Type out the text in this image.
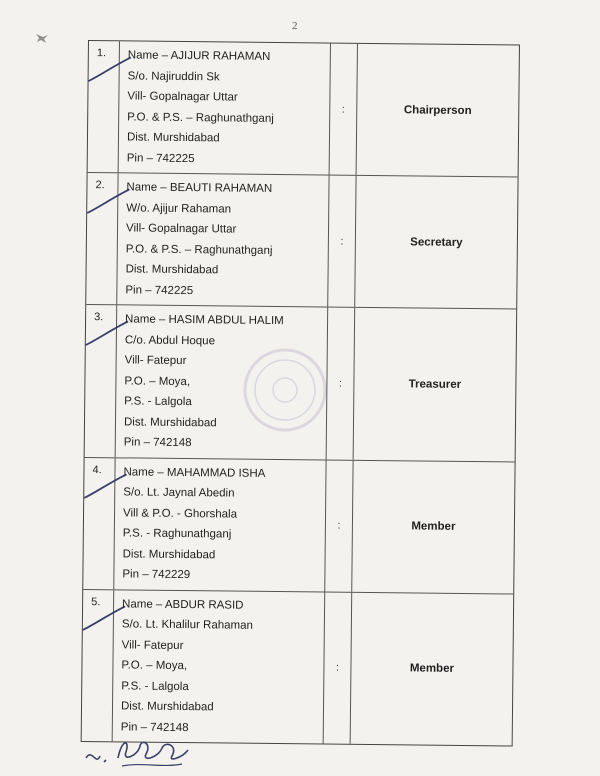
2
1. Name – AJIJUR RAHAMAN
S/o. Najiruddin Sk
Vill- Gopalnagar Uttar
P.O. & P.S. – Raghunathganj
Dist. Murshidabad
Pin – 742225
:	Chairperson
2. Name – BEAUTI RAHAMAN
W/o. Ajijur Rahaman
Vill- Gopalnagar Uttar
P.O. & P.S. – Raghunathganj
Dist. Murshidabad
Pin – 742225
:	Secretary
3. Name – HASIM ABDUL HALIM
C/o. Abdul Hoque
Vill- Fatepur
P.O. – Moya,
P.S. - Lalgola
Dist. Murshidabad
Pin – 742148
:	Treasurer
4. Name – MAHAMMAD ISHA
S/o. Lt. Jaynal Abedin
Vill & P.O. - Ghorshala
P.S. - Raghunathganj
Dist. Murshidabad
Pin – 742229
:	Member
5. Name – ABDUR RASID
S/o. Lt. Khalilur Rahaman
Vill- Fatepur
P.O. – Moya,
P.S. - Lalgola
Dist. Murshidabad
Pin – 742148
:	Member
